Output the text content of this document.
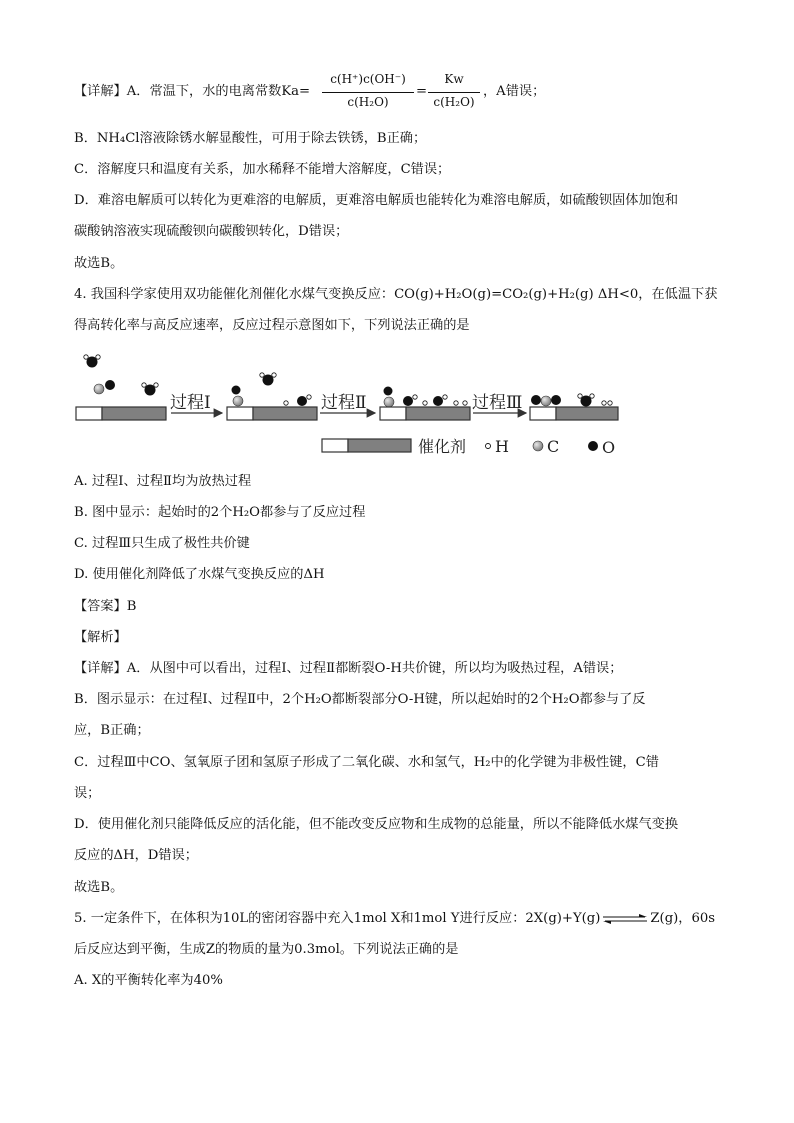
【详解】A．常温下，水的电离常数Ka=
c(H⁺)c(OH⁻)
c(H₂O)
=
Kw
c(H₂O)
，A错误；
B．NH₄Cl溶液除锈水解显酸性，可用于除去铁锈，B正确；
C．溶解度只和温度有关系，加水稀释不能增大溶解度，C错误；
D．难溶电解质可以转化为更难溶的电解质，更难溶电解质也能转化为难溶电解质，如硫酸钡固体加饱和
碳酸钠溶液实现硫酸钡向碳酸钡转化，D错误；
故选B。
4. 我国科学家使用双功能催化剂催化水煤气变换反应：CO(g)+H₂O(g)=CO₂(g)+H₂(g) ΔH<0，在低温下获
得高转化率与高反应速率，反应过程示意图如下，下列说法正确的是
过程Ⅰ	过程Ⅱ	过程Ⅲ
催化剂 H C	O
A. 过程Ⅰ、过程Ⅱ均为放热过程
B. 图中显示：起始时的2个H₂O都参与了反应过程
C. 过程Ⅲ只生成了极性共价键
D. 使用催化剂降低了水煤气变换反应的ΔH
【答案】B
【解析】
【详解】A．从图中可以看出，过程Ⅰ、过程Ⅱ都断裂O-H共价键，所以均为吸热过程，A错误；
B．图示显示：在过程Ⅰ、过程Ⅱ中，2个H₂O都断裂部分O-H键，所以起始时的2个H₂O都参与了反
应，B正确；
C．过程Ⅲ中CO、氢氧原子团和氢原子形成了二氧化碳、水和氢气，H₂中的化学键为非极性键，C错
误；
D．使用催化剂只能降低反应的活化能，但不能改变反应物和生成物的总能量，所以不能降低水煤气变换
反应的ΔH，D错误；
故选B。
5. 一定条件下，在体积为10L的密闭容器中充入1mol X和1mol Y进行反应：2X(g)+Y(g)⇌Z(g)，60s
后反应达到平衡，生成Z的物质的量为0.3mol。下列说法正确的是
A. X的平衡转化率为40%
